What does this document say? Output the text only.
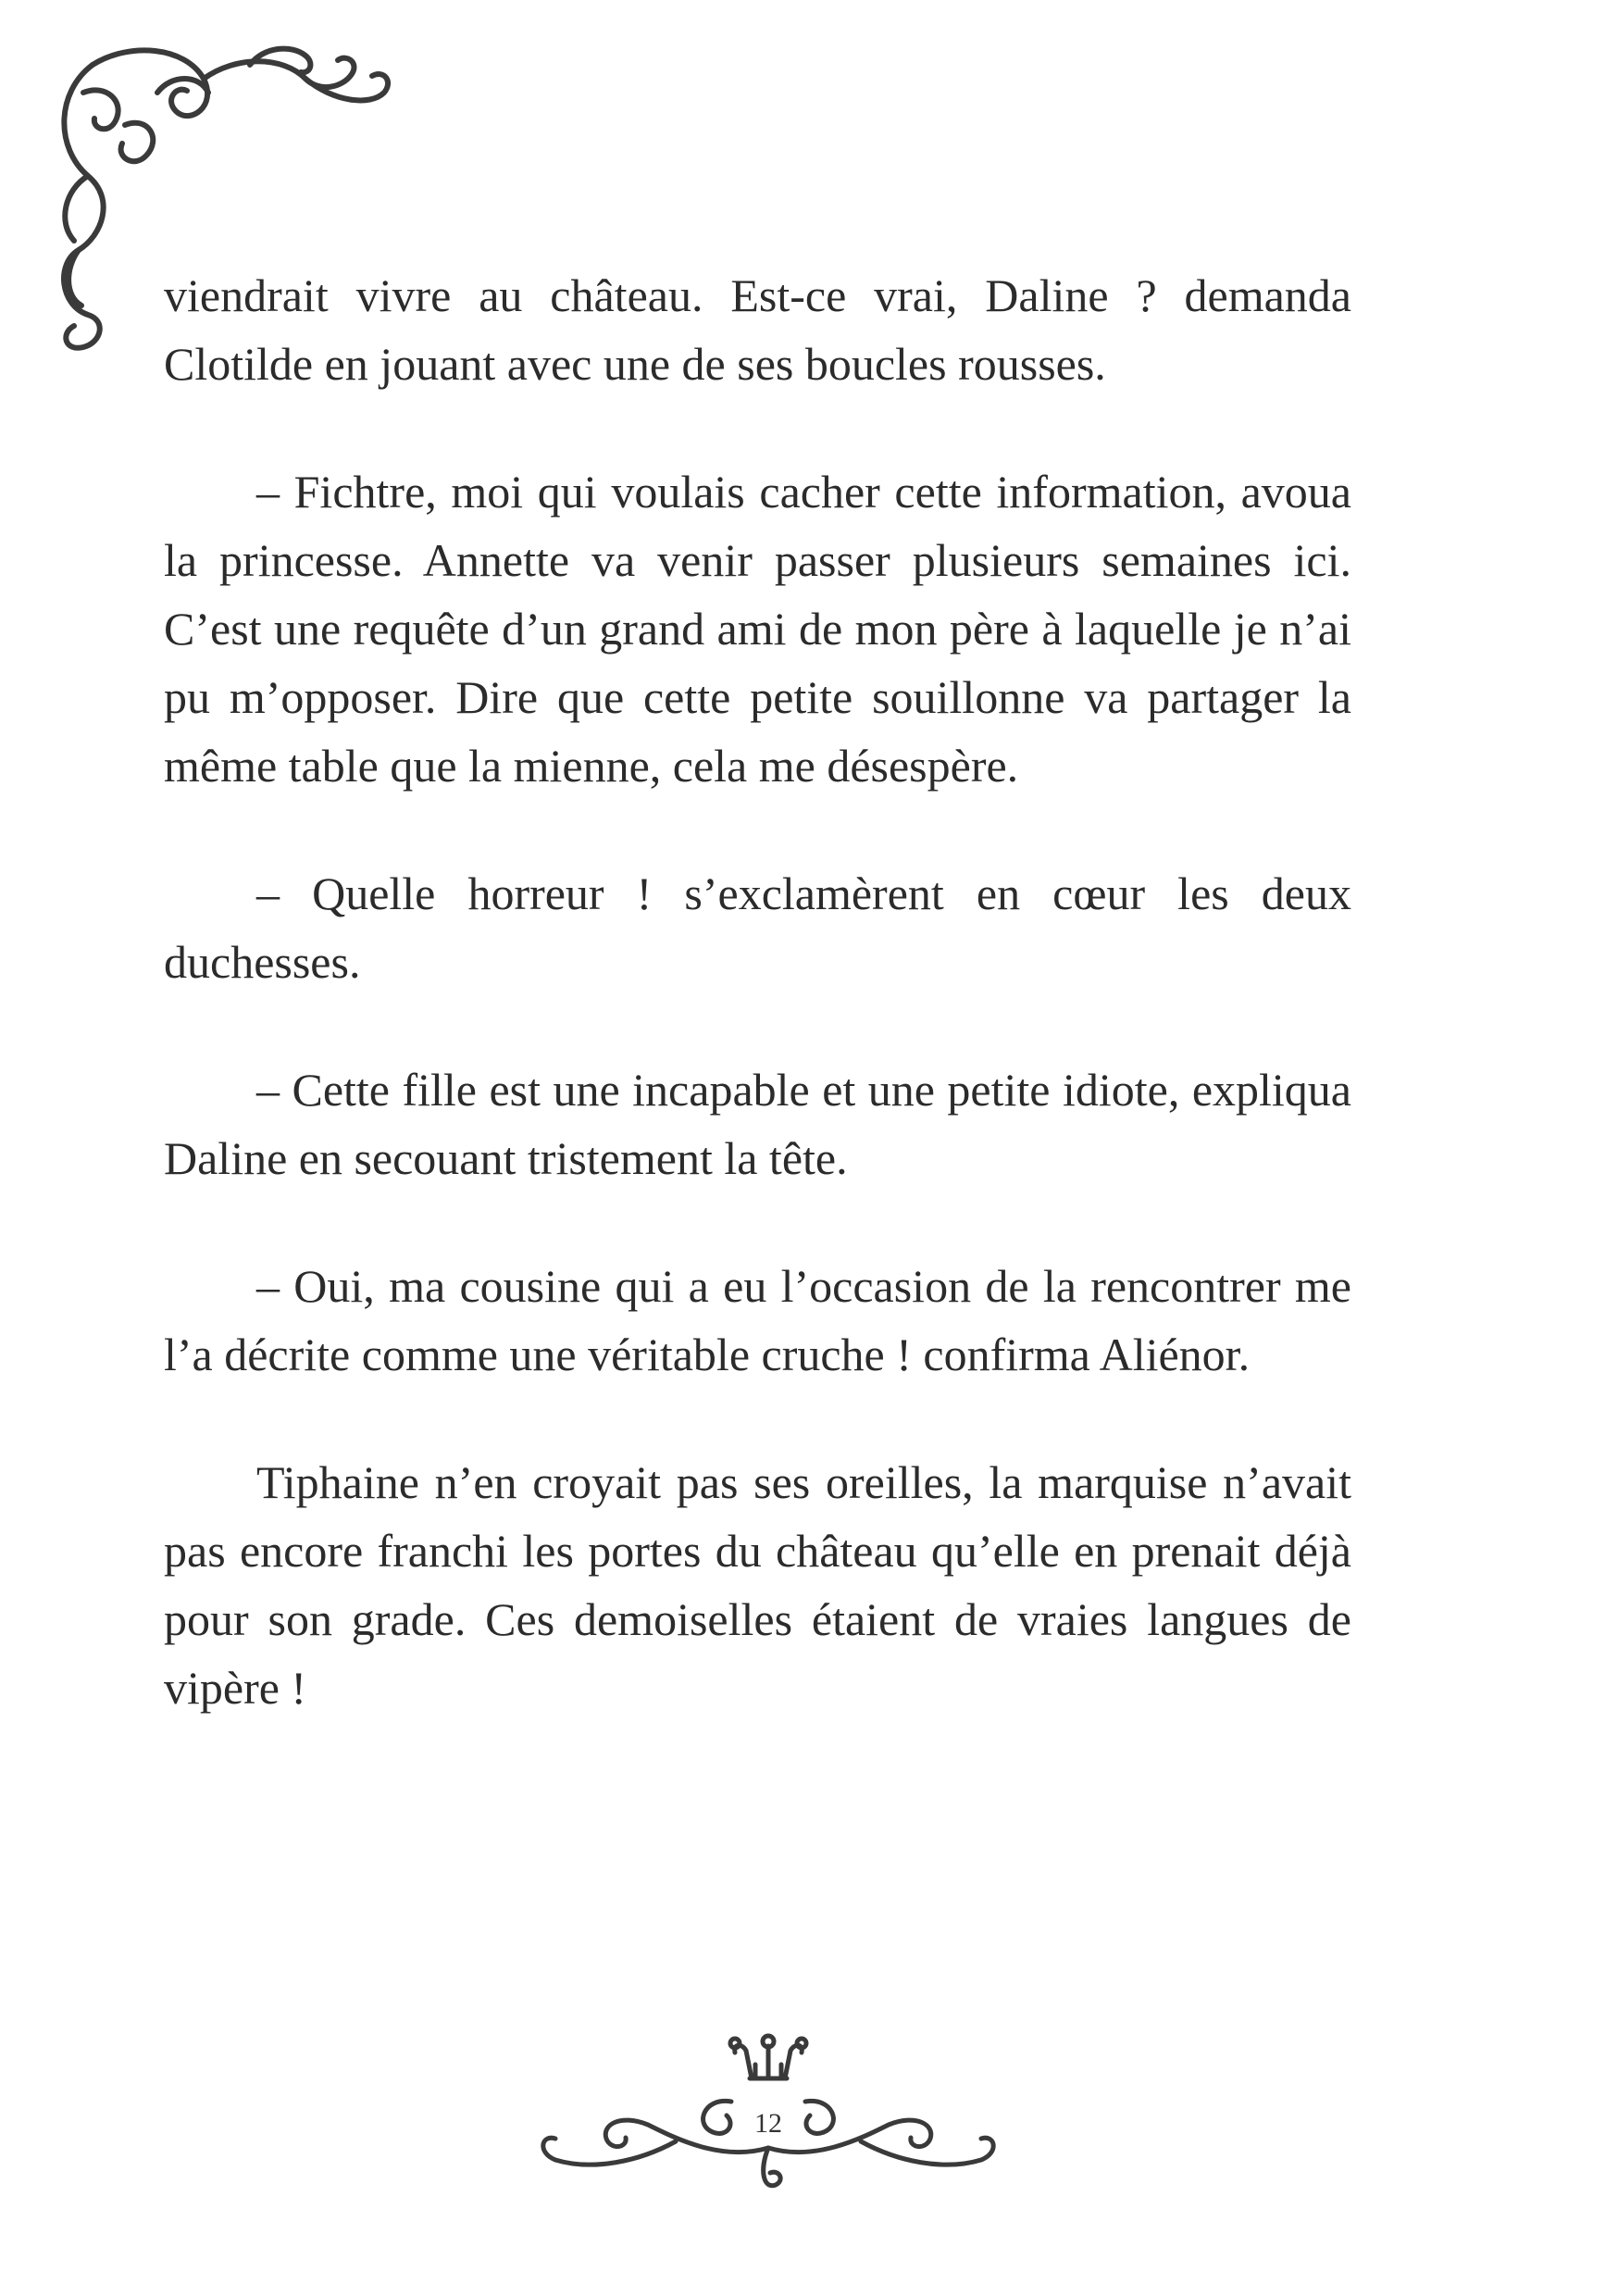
viendrait vivre au château. Est-ce vrai, Daline ? demanda Clotilde en jouant avec une de ses boucles rousses.

– Fichtre, moi qui voulais cacher cette information, avoua la princesse. Annette va venir passer plusieurs semaines ici. C’est une requête d’un grand ami de mon père à laquelle je n’ai pu m’opposer. Dire que cette petite souillonne va partager la même table que la mienne, cela me désespère.

– Quelle horreur ! s’exclamèrent en cœur les deux duchesses.

– Cette fille est une incapable et une petite idiote, expliqua Daline en secouant tristement la tête.

– Oui, ma cousine qui a eu l’occasion de la rencontrer me l’a décrite comme une véritable cruche ! confirma Aliénor.

Tiphaine n’en croyait pas ses oreilles, la marquise n’avait pas encore franchi les portes du château qu’elle en prenait déjà pour son grade. Ces demoiselles étaient de vraies langues de vipère !

12
